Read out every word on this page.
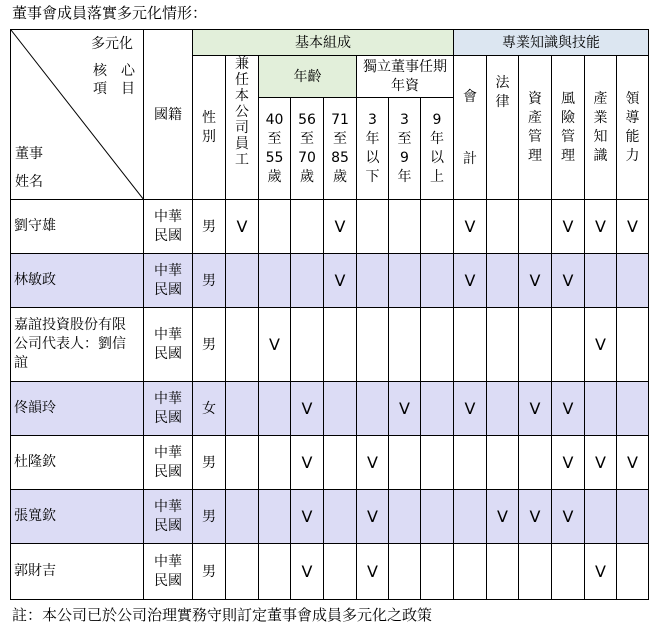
董事會成員落實多元化情形：
多元化
核　心
項　目
董事
姓名	國籍	基本組成								專業知識與技能					
		性別	兼任本公司員工	年齡			獨立董事任期年資			會計	法律	資產管理	風險管理	產業知識	領導能力
				40至55歲	56至70歲	71至85歲	3年以下	3至9年	9年以上						

劉守雄	中華民國	男	V			V				V			V	V	V
林敏政	中華民國	男				V				V		V	V		
嘉誼投資股份有限公司代表人：劉信誼	中華民國	男		V										V	
佟韻玲	中華民國	女			V			V		V		V	V		
杜隆欽	中華民國	男			V		V						V	V	V
張寬欽	中華民國	男			V		V				V	V	V		
郭財吉	中華民國	男			V		V							V	
註：本公司已於公司治理實務守則訂定董事會成員多元化之政策
